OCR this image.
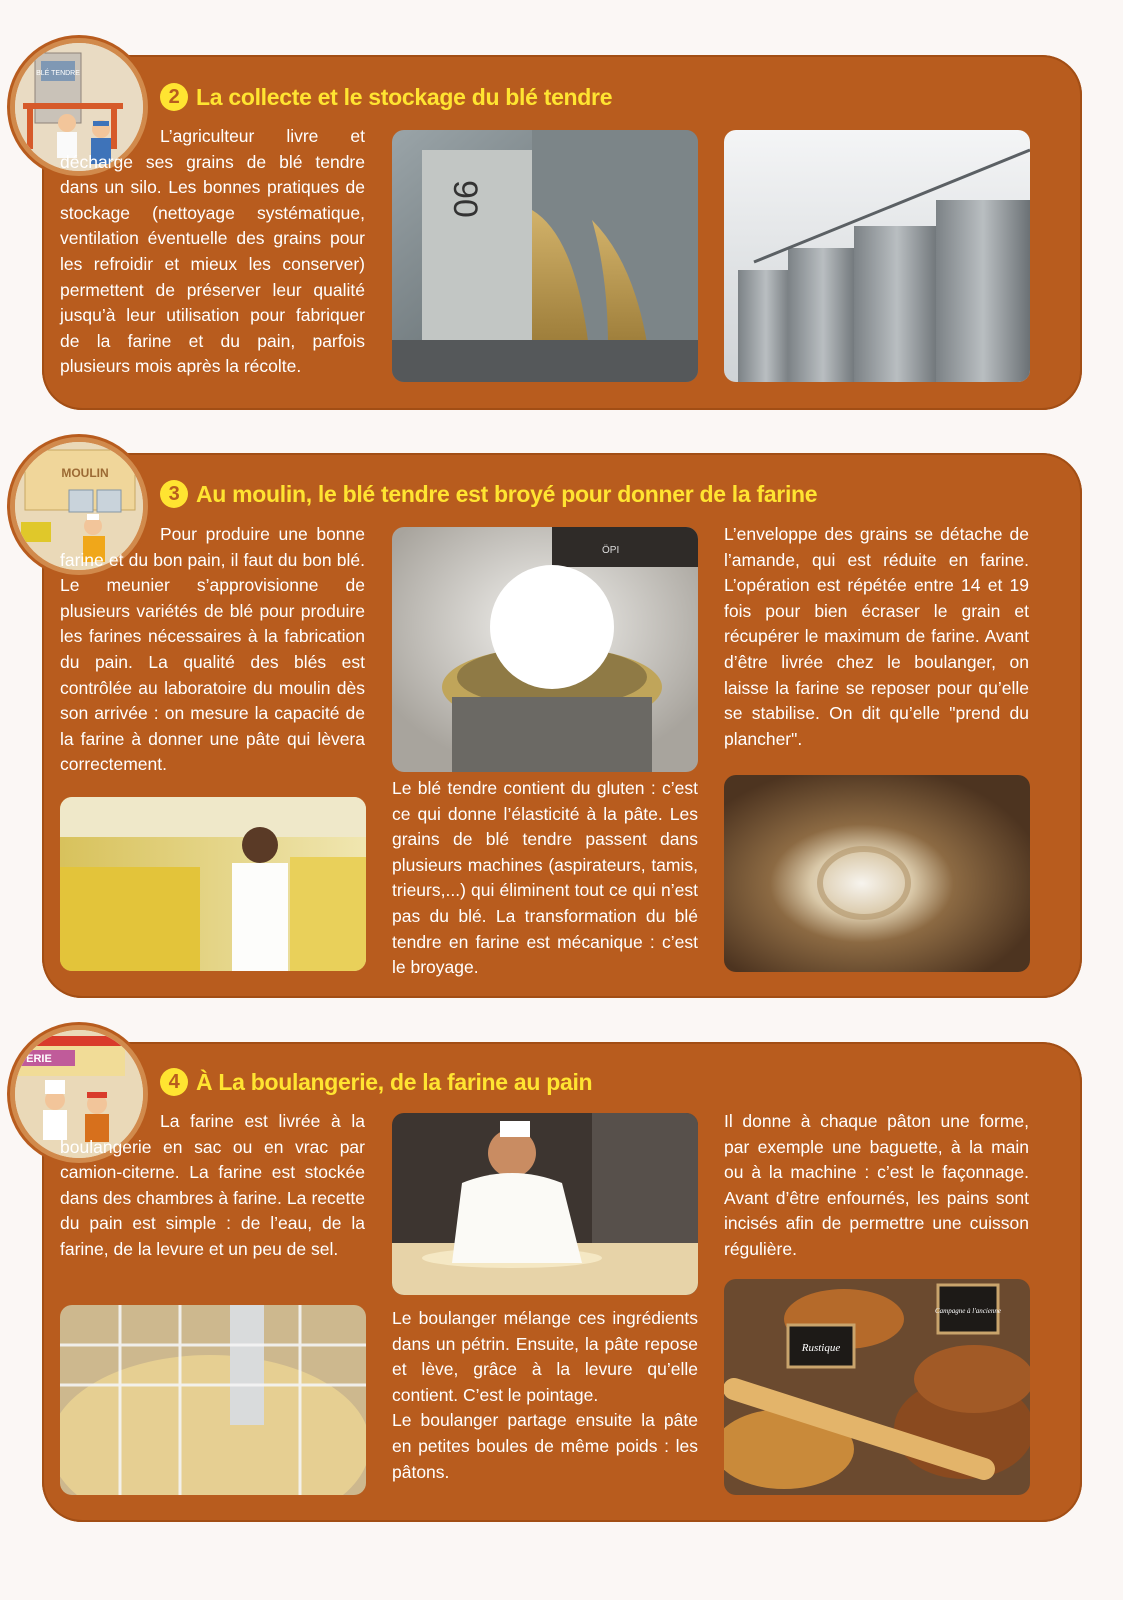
BLÉ TENDRE
2 La collecte et le stockage du blé tendre

L’agriculteur livre et décharge ses grains de blé tendre dans un silo. Les bonnes pratiques de stockage (nettoyage systématique, ventilation éventuelle des grains pour les refroidir et mieux les conserver) permettent de préserver leur qualité jusqu’à leur utilisation pour fabriquer de la farine et du pain, parfois plusieurs mois après la récolte.

90
MOULIN
3 Au moulin, le blé tendre est broyé pour donner de la farine

Pour produire une bonne farine et du bon pain, il faut du bon blé. Le meunier s’approvisionne de plusieurs variétés de blé pour produire les farines nécessaires à la fabrication du pain. La qualité des blés est contrôlée au laboratoire du moulin dès son arrivée : on mesure la capacité de la farine à donner une pâte qui lèvera correctement.

ÖPI

L’enveloppe des grains se détache de l’amande, qui est réduite en farine. L’opération est répétée entre 14 et 19 fois pour bien écraser le grain et récupérer le maximum de farine. Avant d’être livrée chez le boulanger, on laisse la farine se reposer pour qu’elle se stabilise. On dit qu’elle "prend du plancher".

Le blé tendre contient du gluten : c’est ce qui donne l’élasticité à la pâte. Les grains de blé tendre passent dans plusieurs machines (aspirateurs, tamis, trieurs,...) qui éliminent tout ce qui n’est pas du blé. La transformation du blé tendre en farine est mécanique : c’est le broyage.

ERIE
4 À La boulangerie, de la farine au pain

La farine est livrée à la boulangerie en sac ou en vrac par camion-citerne. La farine est stockée dans des chambres à farine. La recette du pain est simple : de l’eau, de la farine, de la levure et un peu de sel.

Il donne à chaque pâton une forme, par exemple une baguette, à la main ou à la machine : c’est le façonnage. Avant d’être enfournés, les pains sont incisés afin de permettre une cuisson régulière.

Le boulanger mélange ces ingrédients dans un pétrin. Ensuite, la pâte repose et lève, grâce à la levure qu’elle contient. C’est le pointage.

Le boulanger partage ensuite la pâte en petites boules de même poids : les pâtons.

Rustique
Campagne à l'ancienne
